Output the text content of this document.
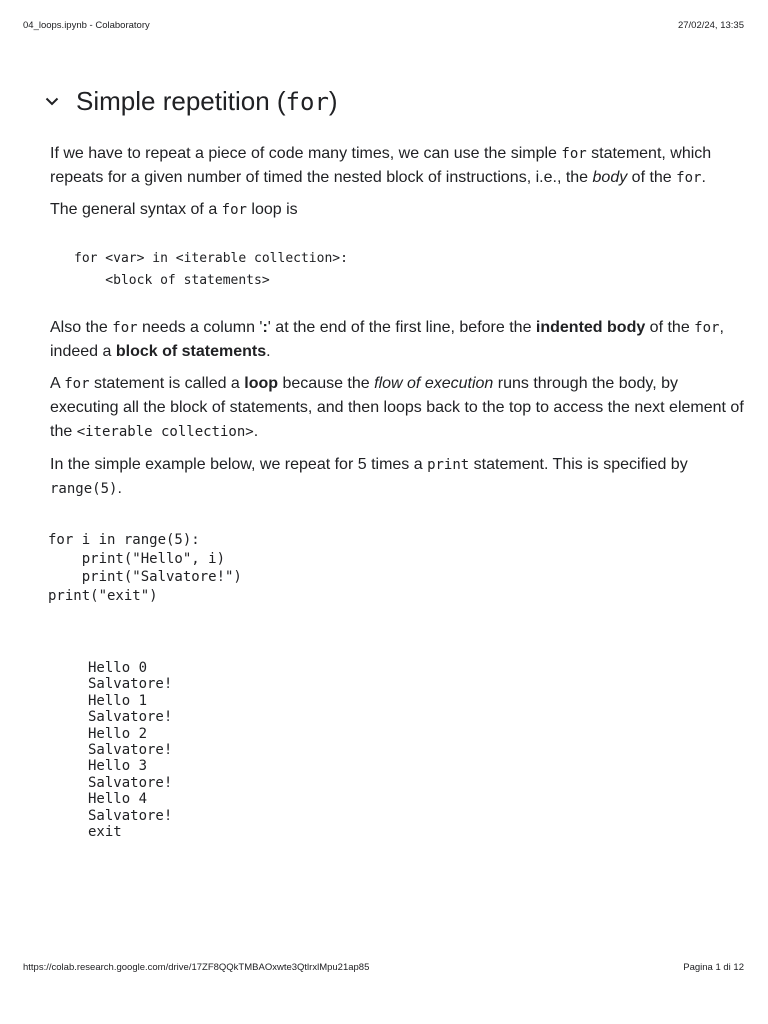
04_loops.ipynb - Colaboratory	27/02/24, 13:35
Simple repetition (for)
If we have to repeat a piece of code many times, we can use the simple for statement, which repeats for a given number of timed the nested block of instructions, i.e., the body of the for.
The general syntax of a for loop is
for <var> in <iterable collection>:
<block of statements>
Also the for needs a column ':' at the end of the first line, before the indented body of the for, indeed a block of statements.
A for statement is called a loop because the flow of execution runs through the body, by executing all the block of statements, and then loops back to the top to access the next element of the <iterable collection>.
In the simple example below, we repeat for 5 times a print statement. This is specified by range(5).
for i in range(5):
print("Hello", i)
print("Salvatore!")
print("exit")
Hello 0
Salvatore!
Hello 1
Salvatore!
Hello 2
Salvatore!
Hello 3
Salvatore!
Hello 4
Salvatore!
exit
https://colab.research.google.com/drive/17ZF8QQkTMBAOxwte3QtlrxlMpu21ap85	Pagina 1 di 12
